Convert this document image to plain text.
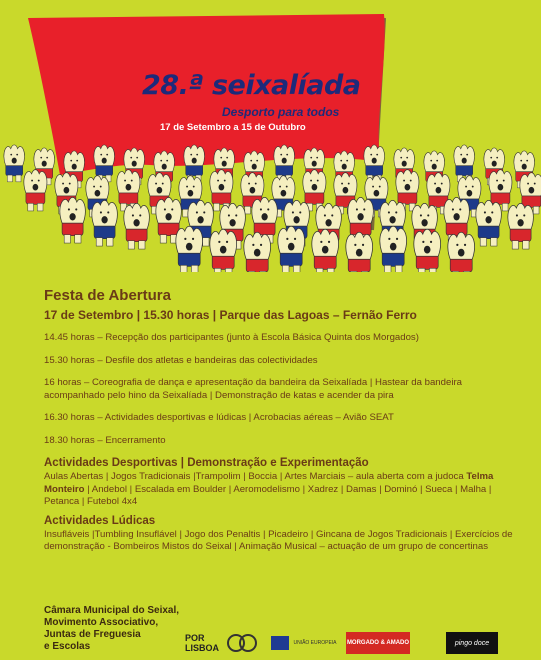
28.ª seixalíada
Desporto para todos
17 de Setembro a 15 de Outubro
Festa de Abertura
17 de Setembro | 15.30 horas | Parque das Lagoas – Fernão Ferro

14.45 horas – Recepção dos participantes (junto à Escola Básica Quinta dos Morgados)

15.30 horas – Desfile dos atletas e bandeiras das colectividades

16 horas – Coreografia de dança e apresentação da bandeira da Seixalíada | Hastear da bandeira acompanhado pelo hino da Seixalíada | Demonstração de katas e acender da pira

16.30 horas – Actividades desportivas e lúdicas | Acrobacias aéreas – Avião SEAT

18.30 horas – Encerramento

Actividades Desportivas | Demonstração e Experimentação

Aulas Abertas | Jogos Tradicionais |Trampolim | Boccia | Artes Marciais – aula aberta com a judoca Telma Monteiro | Andebol | Escalada em Boulder | Aeromodelismo | Xadrez | Damas | Dominó | Sueca | Malha | Petanca | Futebol 4x4

Actividades Lúdicas

Insufláveis |Tumbling Insuflável | Jogo dos Penaltis | Picadeiro | Gincana de Jogos Tradicionais | Exercícios de demonstração - Bombeiros Mistos do Seixal | Animação Musical – actuação de um grupo de concertinas

Câmara Municipal do Seixal,
Movimento Associativo,
Juntas de Freguesia
e Escolas
POR LISBOA	UNIÃO EUROPEIA MORGADO & AMADO	pingo doce
